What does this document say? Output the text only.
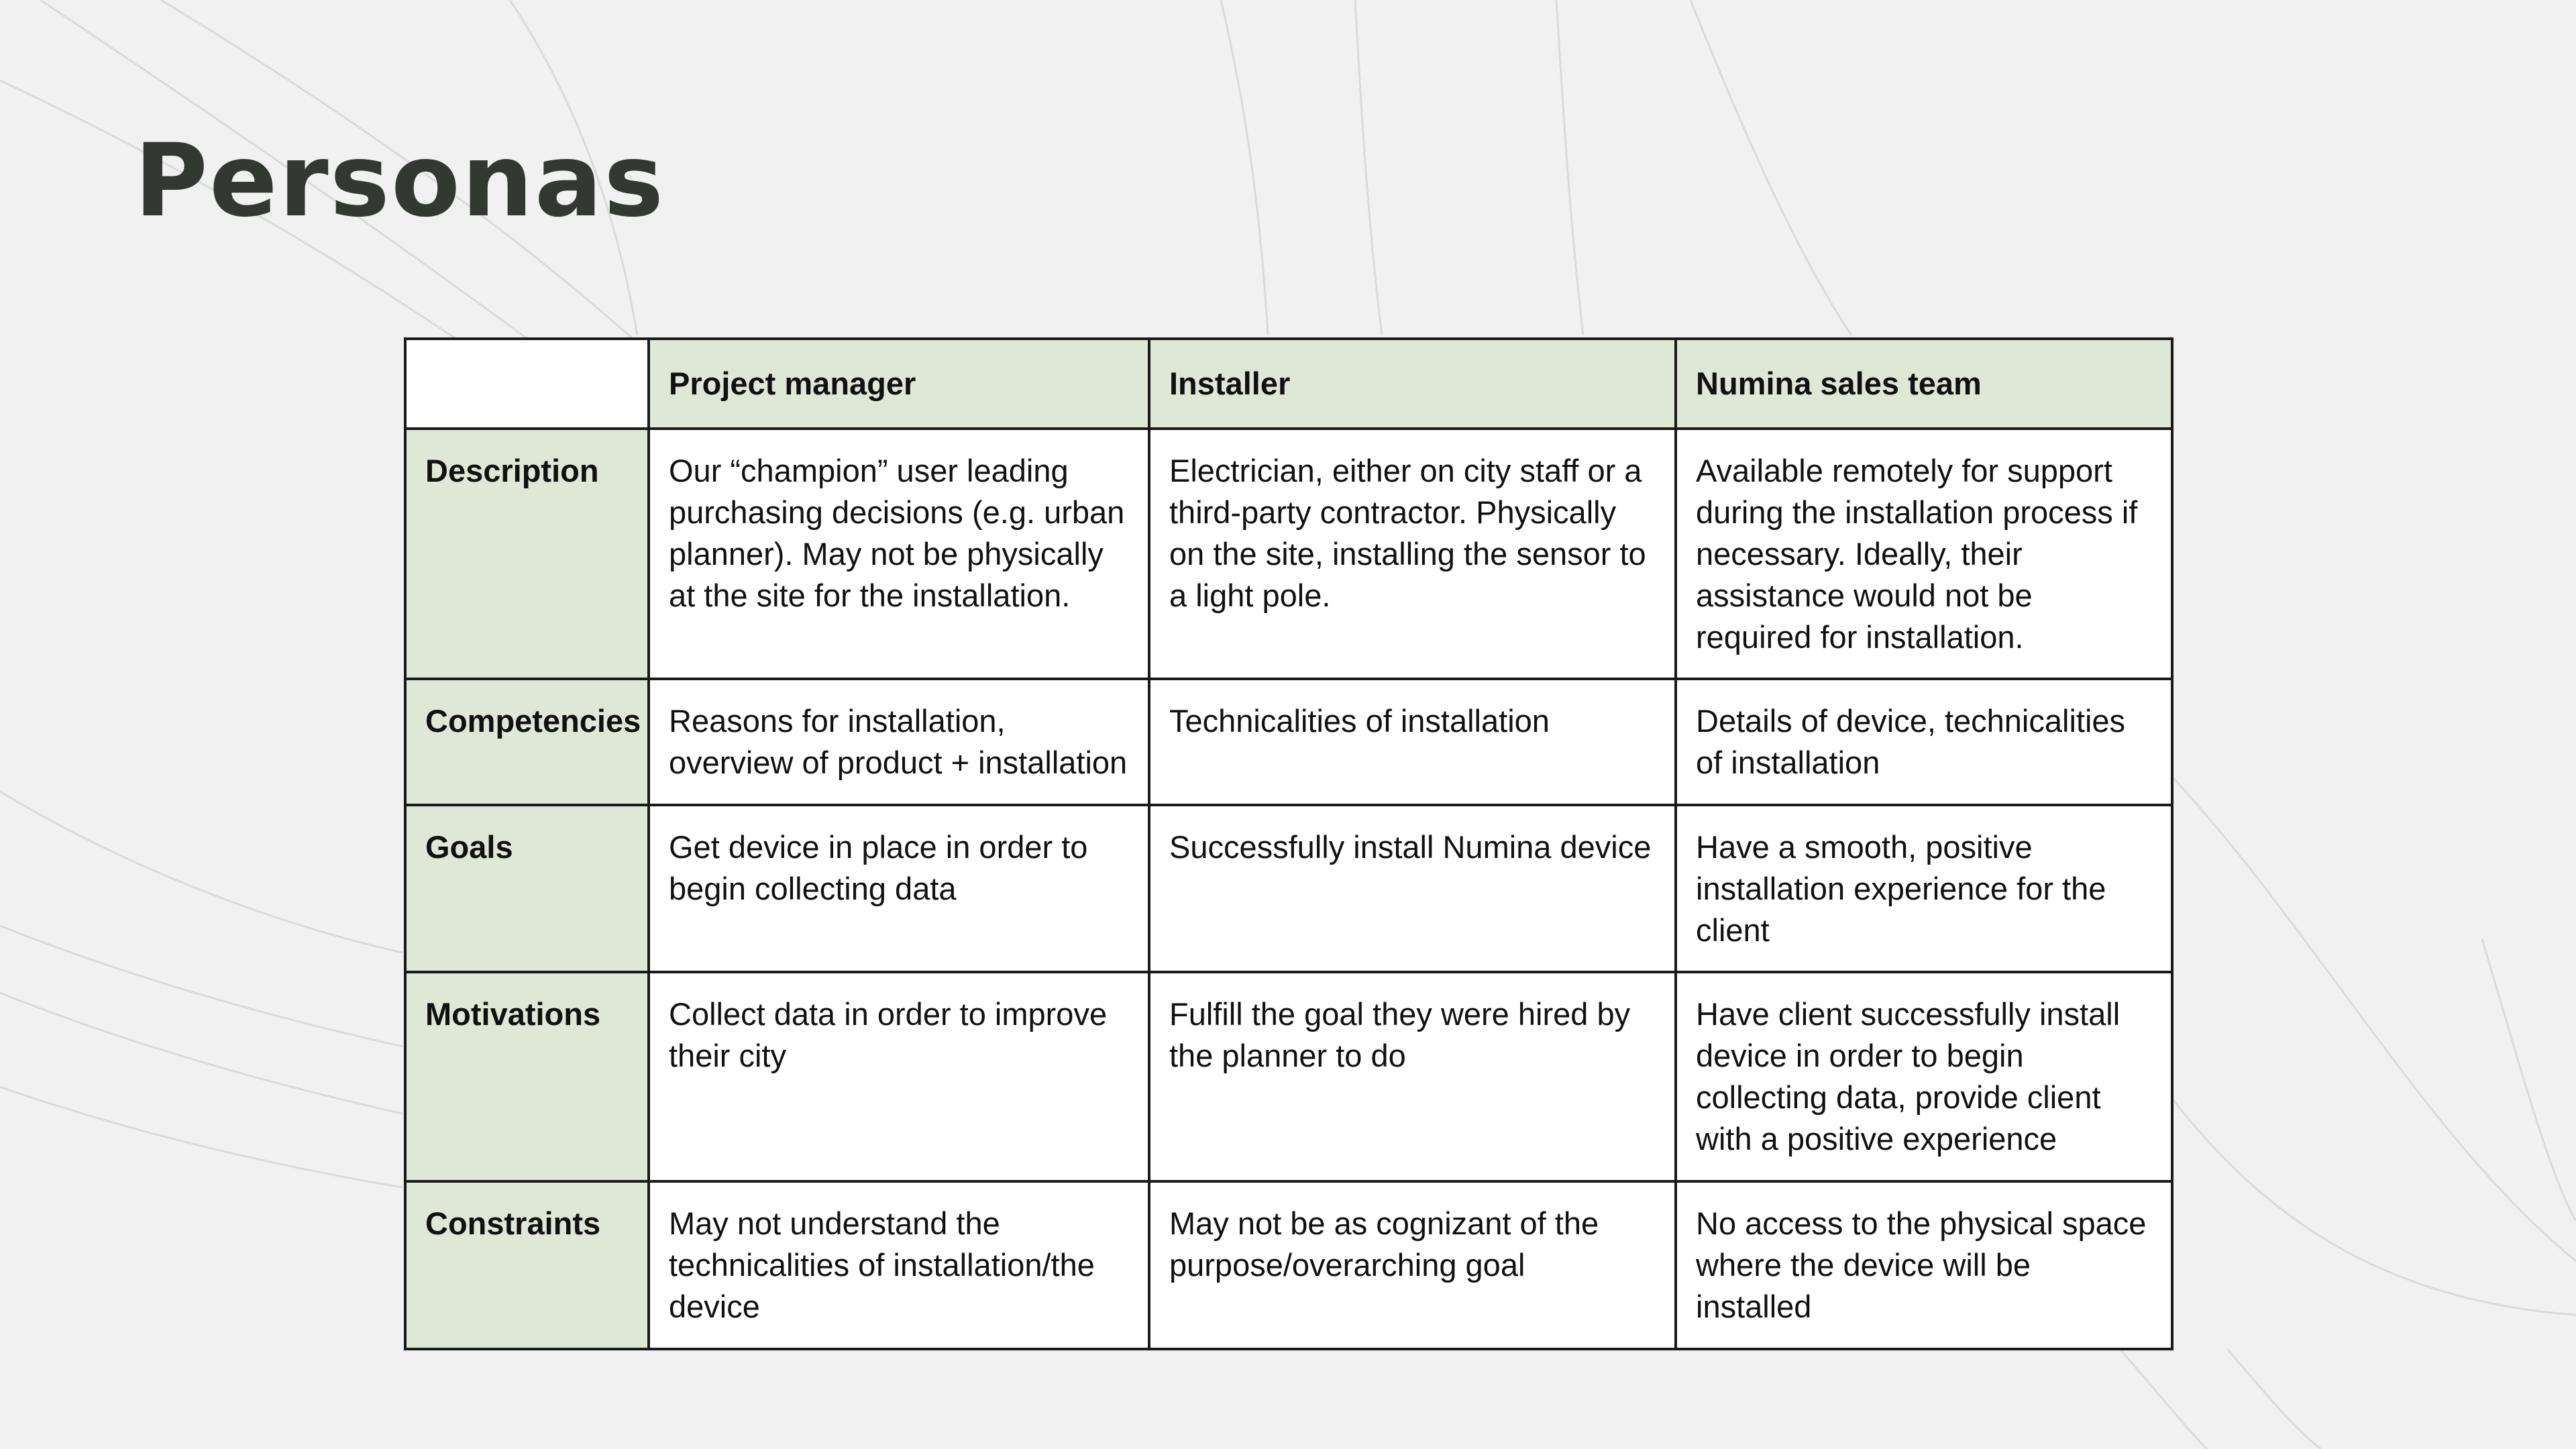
Personas
	Project manager	Installer	Numina sales team
Description	Our “champion” user leading purchasing decisions (e.g. urban planner). May not be physically at the site for the installation.	Electrician, either on city staff or a third-party contractor. Physically on the site, installing the sensor to a light pole.	Available remotely for support during the installation process if necessary. Ideally, their assistance would not be required for installation.
Competencies	Reasons for installation, overview of product + installation	Technicalities of installation	Details of device, technicalities of installation
Goals	Get device in place in order to begin collecting data	Successfully install Numina device	Have a smooth, positive installation experience for the client
Motivations	Collect data in order to improve their city	Fulfill the goal they were hired by the planner to do	Have client successfully install device in order to begin collecting data, provide client with a positive experience
Constraints	May not understand the technicalities of installation/the device	May not be as cognizant of the purpose/overarching goal	No access to the physical space where the device will be installed
